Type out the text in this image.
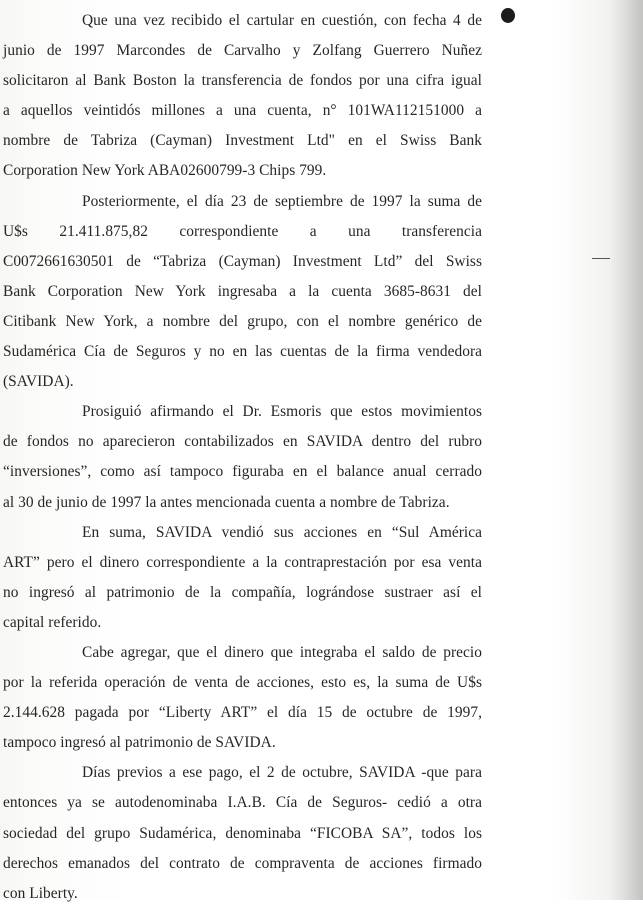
Que una vez recibido el cartular en cuestión, con fecha 4 de
junio de 1997 Marcondes de Carvalho y Zolfang Guerrero Nuñez
solicitaron al Bank Boston la transferencia de fondos por una cifra igual
a aquellos veintidós millones a una cuenta, n° 101WA112151000 a
nombre de Tabriza (Cayman) Investment Ltd" en el Swiss Bank
Corporation New York ABA02600799-3 Chips 799.
Posteriormente, el día 23 de septiembre de 1997 la suma de
U$s 21.411.875,82 correspondiente a una transferencia
C0072661630501 de “Tabriza (Cayman) Investment Ltd” del Swiss
Bank Corporation New York ingresaba a la cuenta 3685-8631 del
Citibank New York, a nombre del grupo, con el nombre genérico de
Sudamérica Cía de Seguros y no en las cuentas de la firma vendedora
(SAVIDA).
Prosiguió afirmando el Dr. Esmoris que estos movimientos
de fondos no aparecieron contabilizados en SAVIDA dentro del rubro
“inversiones”, como así tampoco figuraba en el balance anual cerrado
al 30 de junio de 1997 la antes mencionada cuenta a nombre de Tabriza.
En suma, SAVIDA vendió sus acciones en “Sul América
ART” pero el dinero correspondiente a la contraprestación por esa venta
no ingresó al patrimonio de la compañía, lográndose sustraer así el
capital referido.
Cabe agregar, que el dinero que integraba el saldo de precio
por la referida operación de venta de acciones, esto es, la suma de U$s
2.144.628 pagada por “Liberty ART” el día 15 de octubre de 1997,
tampoco ingresó al patrimonio de SAVIDA.
Días previos a ese pago, el 2 de octubre, SAVIDA -que para
entonces ya se autodenominaba I.A.B. Cía de Seguros- cedió a otra
sociedad del grupo Sudamérica, denominaba “FICOBA SA”, todos los
derechos emanados del contrato de compraventa de acciones firmado
con Liberty.
